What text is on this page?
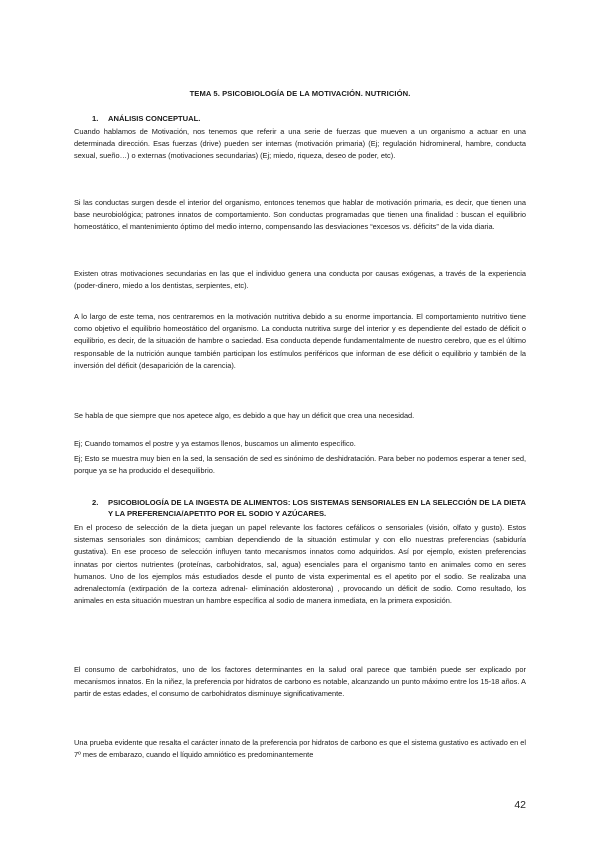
TEMA 5. PSICOBIOLOGÍA DE LA MOTIVACIÓN. NUTRICIÓN.
1. ANÁLISIS CONCEPTUAL.

Cuando hablamos de Motivación, nos tenemos que referir a una serie de fuerzas que mueven a un organismo a actuar en una determinada dirección. Esas fuerzas (drive) pueden ser internas (motivación primaria) (Ej; regulación hidromineral, hambre, conducta sexual, sueño…) o externas (motivaciones secundarias) (Ej; miedo, riqueza, deseo de poder, etc).

Si las conductas surgen desde el interior del organismo, entonces tenemos que hablar de motivación primaria, es decir, que tienen una base neurobiológica; patrones innatos de comportamiento. Son conductas programadas que tienen una finalidad : buscan el equilibrio homeostático, el mantenimiento óptimo del medio interno, compensando las desviaciones “excesos vs. déficits” de la vida diaria.

Existen otras motivaciones secundarias en las que el individuo genera una conducta por causas exógenas, a través de la experiencia (poder-dinero, miedo a los dentistas, serpientes, etc).

A lo largo de este tema, nos centraremos en la motivación nutritiva debido a su enorme importancia. El comportamiento nutritivo tiene como objetivo el equilibrio homeostático del organismo. La conducta nutritiva surge del interior y es dependiente del estado de déficit o equilibrio, es decir, de la situación de hambre o saciedad. Esa conducta depende fundamentalmente de nuestro cerebro, que es el último responsable de la nutrición aunque también participan los estímulos periféricos que informan de ese déficit o equilibrio y también de la inversión del déficit (desaparición de la carencia).

Se habla de que siempre que nos apetece algo, es debido a que hay un déficit que crea una necesidad.

Ej; Cuando tomamos el postre y ya estamos llenos, buscamos un alimento específico.

Ej; Esto se muestra muy bien en la sed, la sensación de sed es sinónimo de deshidratación. Para beber no podemos esperar a tener sed, porque ya se ha producido el desequilibrio.

2. PSICOBIOLOGÍA DE LA INGESTA DE ALIMENTOS: LOS SISTEMAS SENSORIALES EN LA SELECCIÓN DE LA DIETA Y LA PREFERENCIA/APETITO POR EL SODIO Y AZÚCARES.

En el proceso de selección de la dieta juegan un papel relevante los factores cefálicos o sensoriales (visión, olfato y gusto). Estos sistemas sensoriales son dinámicos; cambian dependiendo de la situación estimular y con ello nuestras preferencias (sabiduría gustativa). En ese proceso de selección influyen tanto mecanismos innatos como adquiridos. Así por ejemplo, existen preferencias innatas por ciertos nutrientes (proteínas, carbohidratos, sal, agua) esenciales para el organismo tanto en animales como en seres humanos. Uno de los ejemplos más estudiados desde el punto de vista experimental es el apetito por el sodio. Se realizaba una adrenalectomía (extirpación de la corteza adrenal- eliminación aldosterona) , provocando un déficit de sodio. Como resultado, los animales en esta situación muestran un hambre específica al sodio de manera inmediata, en la primera exposición.

El consumo de carbohidratos, uno de los factores determinantes en la salud oral parece que también puede ser explicado por mecanismos innatos. En la niñez, la preferencia por hidratos de carbono es notable, alcanzando un punto máximo entre los 15-18 años. A partir de estas edades, el consumo de carbohidratos disminuye significativamente.

Una prueba evidente que resalta el carácter innato de la preferencia por hidratos de carbono es que el sistema gustativo es activado en el 7º mes de embarazo, cuando el líquido amniótico es predominantemente

42
